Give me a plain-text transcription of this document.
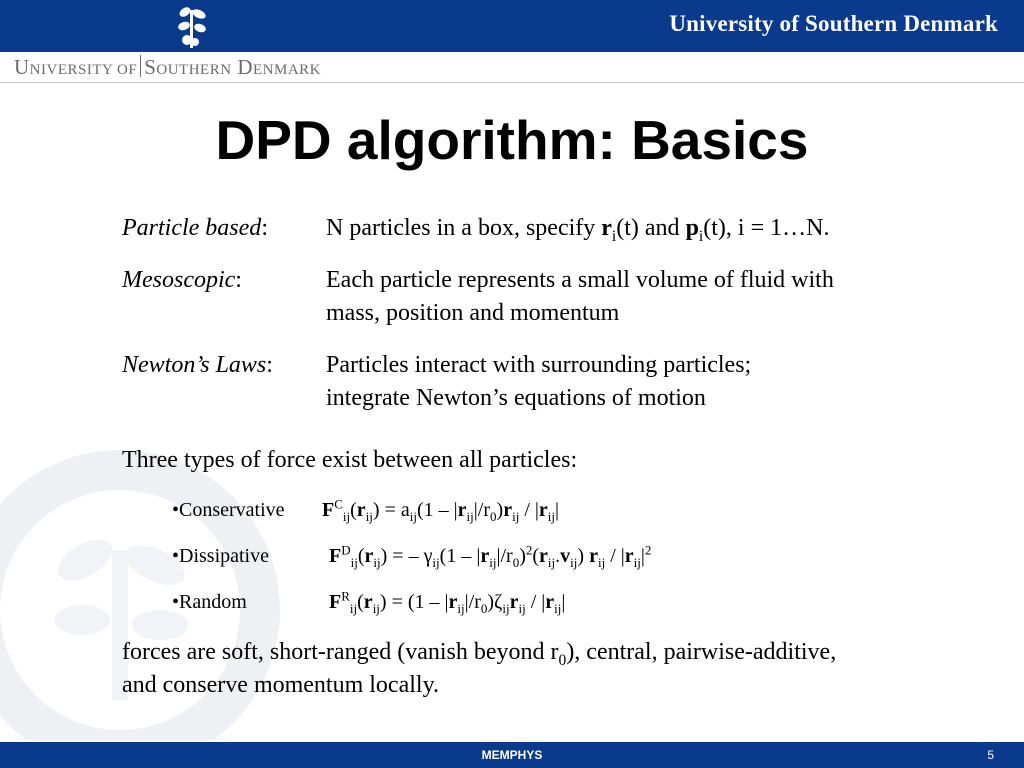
University of Southern Denmark
UNIVERSITY OF SOUTHERN DENMARK
DPD algorithm: Basics
Particle based:	N particles in a box, specify $r_i(t)$ and $p_i(t)$, i = 1…N.
Mesoscopic:	Each particle represents a small volume of fluid with
mass, position and momentum
Newton’s Laws:	Particles interact with surrounding particles;
integrate Newton’s equations of motion
Three types of force exist between all particles:
•Conservative $F^C_{ij}(r_{ij}) = a_{ij}(1 - |r_{ij}|/r_0)r_{ij} / |r_{ij}|$
•Dissipative	$F^D_{ij}(r_{ij})$ = – $\gamma_{ij}(1 - |r_{ij}|/r_0)^2(r_{ij}.v_{ij})$ $r_{ij} / |r_{ij}|^2$
•Random	$F^R_{ij}(r_{ij}) = (1 - |r_{ij}|/r_0)\zeta_{ij}r_{ij} / |r_{ij}|$
forces are soft, short-ranged (vanish beyond $r_0$), central, pairwise-additive,
and conserve momentum locally.
MEMPHYS	5
